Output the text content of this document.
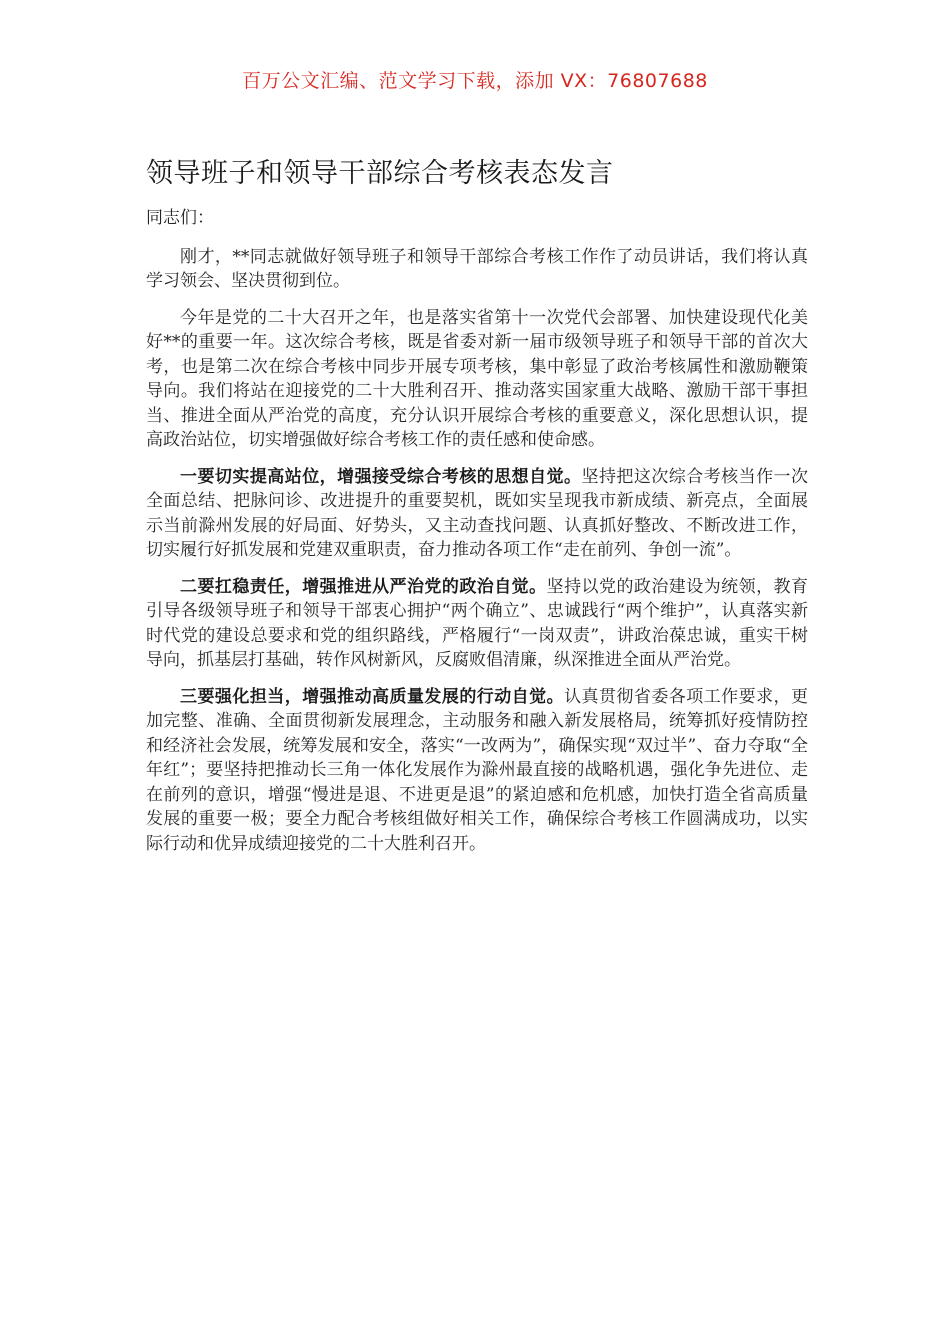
百万公文汇编、范文学习下载，添加 VX：76807688
领导班子和领导干部综合考核表态发言

同志们：

刚才，**同志就做好领导班子和领导干部综合考核工作作了动员讲话，我们将认真学习领会、坚决贯彻到位。

今年是党的二十大召开之年，也是落实省第十一次党代会部署、加快建设现代化美好**的重要一年。这次综合考核，既是省委对新一届市级领导班子和领导干部的首次大考，也是第二次在综合考核中同步开展专项考核，集中彰显了政治考核属性和激励鞭策导向。我们将站在迎接党的二十大胜利召开、推动落实国家重大战略、激励干部干事担当、推进全面从严治党的高度，充分认识开展综合考核的重要意义，深化思想认识，提高政治站位，切实增强做好综合考核工作的责任感和使命感。

一要切实提高站位，增强接受综合考核的思想自觉。坚持把这次综合考核当作一次全面总结、把脉问诊、改进提升的重要契机，既如实呈现我市新成绩、新亮点，全面展示当前滁州发展的好局面、好势头，又主动查找问题、认真抓好整改、不断改进工作，切实履行好抓发展和党建双重职责，奋力推动各项工作“走在前列、争创一流”。

二要扛稳责任，增强推进从严治党的政治自觉。坚持以党的政治建设为统领，教育引导各级领导班子和领导干部衷心拥护“两个确立”、忠诚践行“两个维护”，认真落实新时代党的建设总要求和党的组织路线，严格履行“一岗双责”，讲政治葆忠诚，重实干树导向，抓基层打基础，转作风树新风，反腐败倡清廉，纵深推进全面从严治党。

三要强化担当，增强推动高质量发展的行动自觉。认真贯彻省委各项工作要求，更加完整、准确、全面贯彻新发展理念，主动服务和融入新发展格局，统筹抓好疫情防控和经济社会发展，统筹发展和安全，落实“一改两为”，确保实现“双过半”、奋力夺取“全年红”；要坚持把推动长三角一体化发展作为滁州最直接的战略机遇，强化争先进位、走在前列的意识，增强“慢进是退、不进更是退”的紧迫感和危机感，加快打造全省高质量发展的重要一极；要全力配合考核组做好相关工作，确保综合考核工作圆满成功，以实际行动和优异成绩迎接党的二十大胜利召开。
